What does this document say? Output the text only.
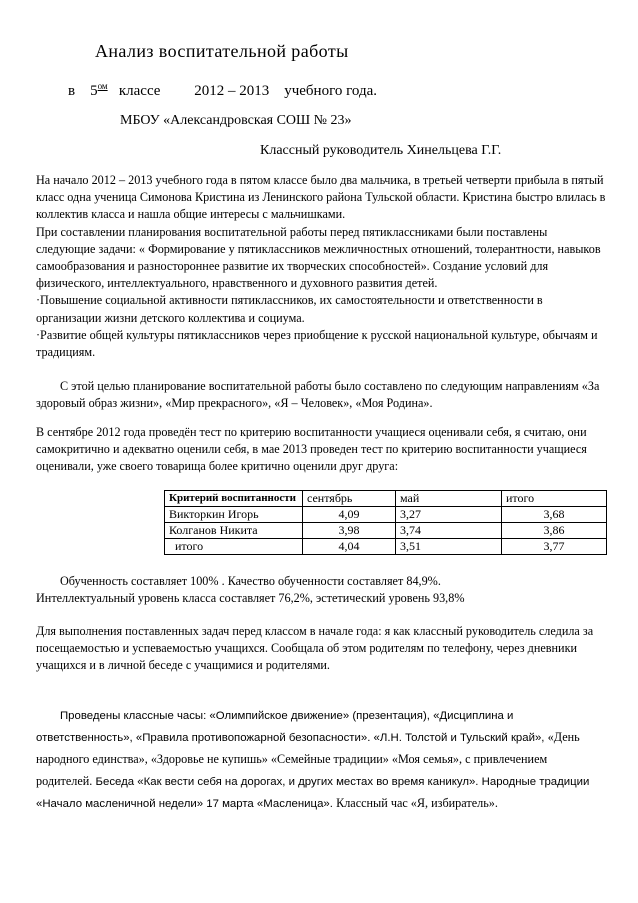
Анализ воспитательной работы
в $5^{ом}$ классе 2012 – 2013 учебного года.
МБОУ «Александровская СОШ № 23»
Классный руководитель Хинельцева Г.Г.

На начало 2012 – 2013 учебного года в пятом классе было два мальчика, в третьей четверти прибыла в пятый класс одна ученица Симонова Кристина из Ленинского района Тульской области. Кристина быстро влилась в коллектив класса и нашла общие интересы с мальчишками.

При составлении планирования воспитательной работы перед пятиклассниками были поставлены следующие задачи: « Формирование у пятиклассников межличностных отношений, толерантности, навыков самообразования и разностороннее развитие их творческих способностей». Создание условий для физического, интеллектуального, нравственного и духовного развития детей.

·Повышение социальной активности пятиклассников, их самостоятельности и ответственности в организации жизни детского коллектива и социума.

·Развитие общей культуры пятиклассников через приобщение к русской национальной культуре, обычаям и традициям.

С этой целью планирование воспитательной работы было составлено по следующим направлениям «За здоровый образ жизни», «Мир прекрасного», «Я – Человек», «Моя Родина».

В сентябре 2012 года проведён тест по критерию воспитанности учащиеся оценивали себя, я считаю, они самокритично и адекватно оценили себя, в мае 2013 проведен тест по критерию воспитанности учащиеся оценивали, уже своего товарища более критично оценили друг друга:

Критерий воспитанности	сентябрь	май	итого
Викторкин Игорь	4,09	3,27	3,68
Колганов Никита	3,98	3,74	3,86
итого	4,04	3,51	3,77

Обученность составляет 100% . Качество обученности составляет 84,9%.

Интеллектуальный уровень класса составляет 76,2%, эстетический уровень 93,8%

Для выполнения поставленных задач перед классом в начале года: я как классный руководитель следила за посещаемостью и успеваемостью учащихся. Сообщала об этом родителям по телефону, через дневники учащихся и в личной беседе с учащимися и родителями.

Проведены классные часы: «Олимпийское движение» (презентация), «Дисциплина и ответственность», «Правила противопожарной безопасности». «Л.Н. Толстой и Тульский край», «День народного единства», «Здоровье не купишь» «Семейные традиции» «Моя семья», с привлечением родителей. Беседа «Как вести себя на дорогах, и других местах во время каникул». Народные традиции «Начало масленичной недели» 17 марта «Масленица». Классный час «Я, избиратель».
